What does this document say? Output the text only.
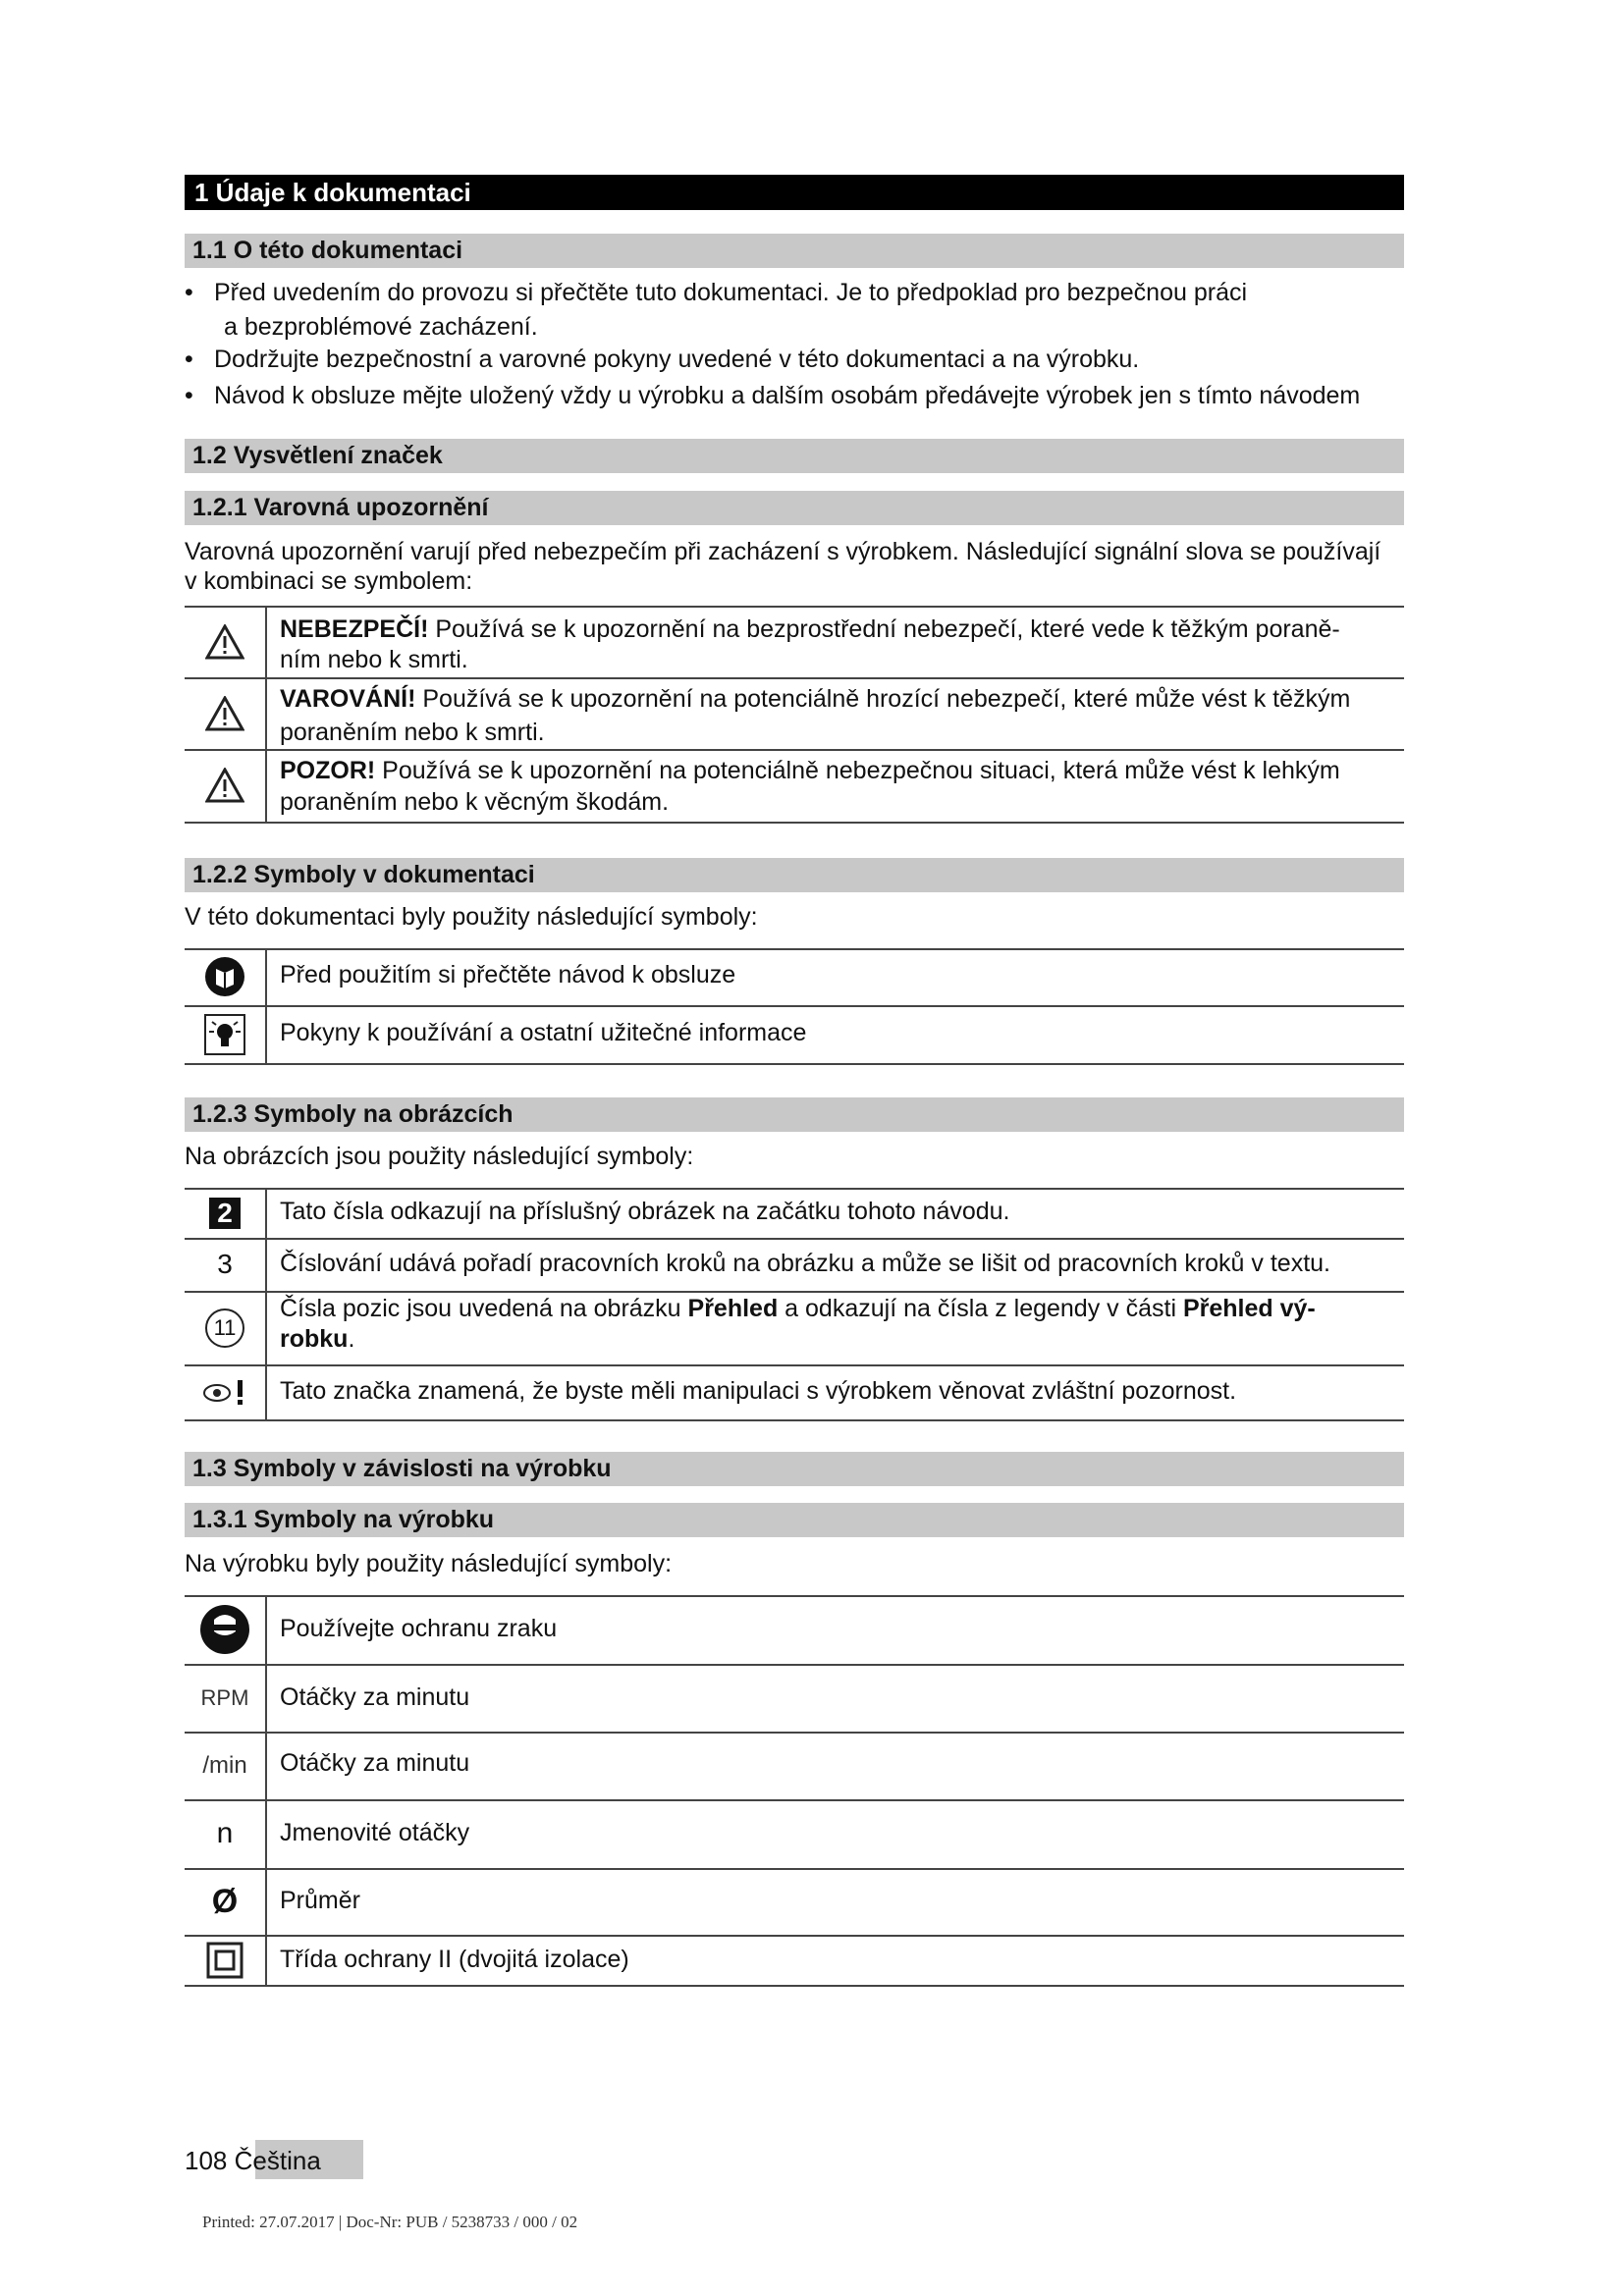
1 Údaje k dokumentaci
1.1 O této dokumentaci
• Před uvedením do provozu si přečtěte tuto dokumentaci. Je to předpoklad pro bezpečnou práci
a bezproblémové zacházení.
• Dodržujte bezpečnostní a varovné pokyny uvedené v této dokumentaci a na výrobku.
• Návod k obsluze mějte uložený vždy u výrobku a dalším osobám předávejte výrobek jen s tímto návodem
1.2 Vysvětlení značek
1.2.1 Varovná upozornění
Varovná upozornění varují před nebezpečím při zacházení s výrobkem. Následující signální slova se používají
v kombinaci se symbolem:
NEBEZPEČÍ! Používá se k upozornění na bezprostřední nebezpečí, které vede k těžkým poraně-
ním nebo k smrti.
VAROVÁNÍ! Používá se k upozornění na potenciálně hrozící nebezpečí, které může vést k těžkým
poraněním nebo k smrti.
POZOR! Používá se k upozornění na potenciálně nebezpečnou situaci, která může vést k lehkým
poraněním nebo k věcným škodám.
1.2.2 Symboly v dokumentaci
V této dokumentaci byly použity následující symboly:
Před použitím si přečtěte návod k obsluze
Pokyny k používání a ostatní užitečné informace
1.2.3 Symboly na obrázcích
Na obrázcích jsou použity následující symboly:
2	Tato čísla odkazují na příslušný obrázek na začátku tohoto návodu.
3 Číslování udává pořadí pracovních kroků na obrázku a může se lišit od pracovních kroků v textu.
11
Čísla pozic jsou uvedená na obrázku Přehled a odkazují na čísla z legendy v části Přehled vý-
robku.
Tato značka znamená, že byste měli manipulaci s výrobkem věnovat zvláštní pozornost.
1.3 Symboly v závislosti na výrobku
1.3.1 Symboly na výrobku
Na výrobku byly použity následující symboly:
Používejte ochranu zraku
RPM Otáčky za minutu
/min Otáčky za minutu
n Jmenovité otáčky
Ø Průměr
Třída ochrany II (dvojitá izolace)
108 Čeština
Printed: 27.07.2017 | Doc-Nr: PUB / 5238733 / 000 / 02
